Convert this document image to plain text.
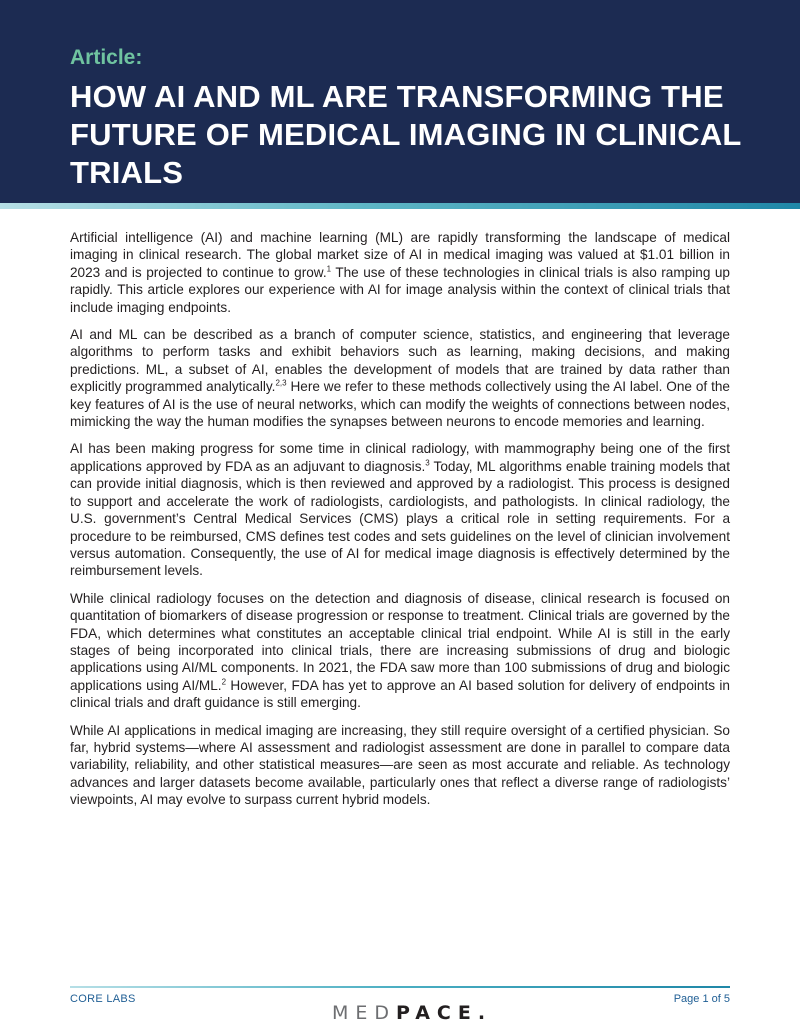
Article:
HOW AI AND ML ARE TRANSFORMING THE FUTURE OF MEDICAL IMAGING IN CLINICAL TRIALS

Artificial intelligence (AI) and machine learning (ML) are rapidly transforming the landscape of medical imaging in clinical research. The global market size of AI in medical imaging was valued at $1.01 billion in 2023 and is projected to continue to grow.$^1$ The use of these technologies in clinical trials is also ramping up rapidly. This article explores our experience with AI for image analysis within the context of clinical trials that include imaging endpoints.

AI and ML can be described as a branch of computer science, statistics, and engineering that leverage algorithms to perform tasks and exhibit behaviors such as learning, making decisions, and making predictions. ML, a subset of AI, enables the development of models that are trained by data rather than explicitly programmed analytically.$^{2,3}$ Here we refer to these methods collectively using the AI label. One of the key features of AI is the use of neural networks, which can modify the weights of connections between nodes, mimicking the way the human modifies the synapses between neurons to encode memories and learning.

AI has been making progress for some time in clinical radiology, with mammography being one of the first applications approved by FDA as an adjuvant to diagnosis.$^3$ Today, ML algorithms enable training models that can provide initial diagnosis, which is then reviewed and approved by a radiologist. This process is designed to support and accelerate the work of radiologists, cardiologists, and pathologists. In clinical radiology, the U.S. government’s Central Medical Services (CMS) plays a critical role in setting requirements. For a procedure to be reimbursed, CMS defines test codes and sets guidelines on the level of clinician involvement versus automation. Consequently, the use of AI for medical image diagnosis is effectively determined by the reimbursement levels.

While clinical radiology focuses on the detection and diagnosis of disease, clinical research is focused on quantitation of biomarkers of disease progression or response to treatment. Clinical trials are governed by the FDA, which determines what constitutes an acceptable clinical trial endpoint. While AI is still in the early stages of being incorporated into clinical trials, there are increasing submissions of drug and biologic applications using AI/ML components. In 2021, the FDA saw more than 100 submissions of drug and biologic applications using AI/ML.$^2$ However, FDA has yet to approve an AI based solution for delivery of endpoints in clinical trials and draft guidance is still emerging.

While AI applications in medical imaging are increasing, they still require oversight of a certified physician. So far, hybrid systems—where AI assessment and radiologist assessment are done in parallel to compare data variability, reliability, and other statistical measures—are seen as most accurate and reliable. As technology advances and larger datasets become available, particularly ones that reflect a diverse range of radiologists’ viewpoints, AI may evolve to surpass current hybrid models.

CORE LABS	Page 1 of 5
MEDPACE.
